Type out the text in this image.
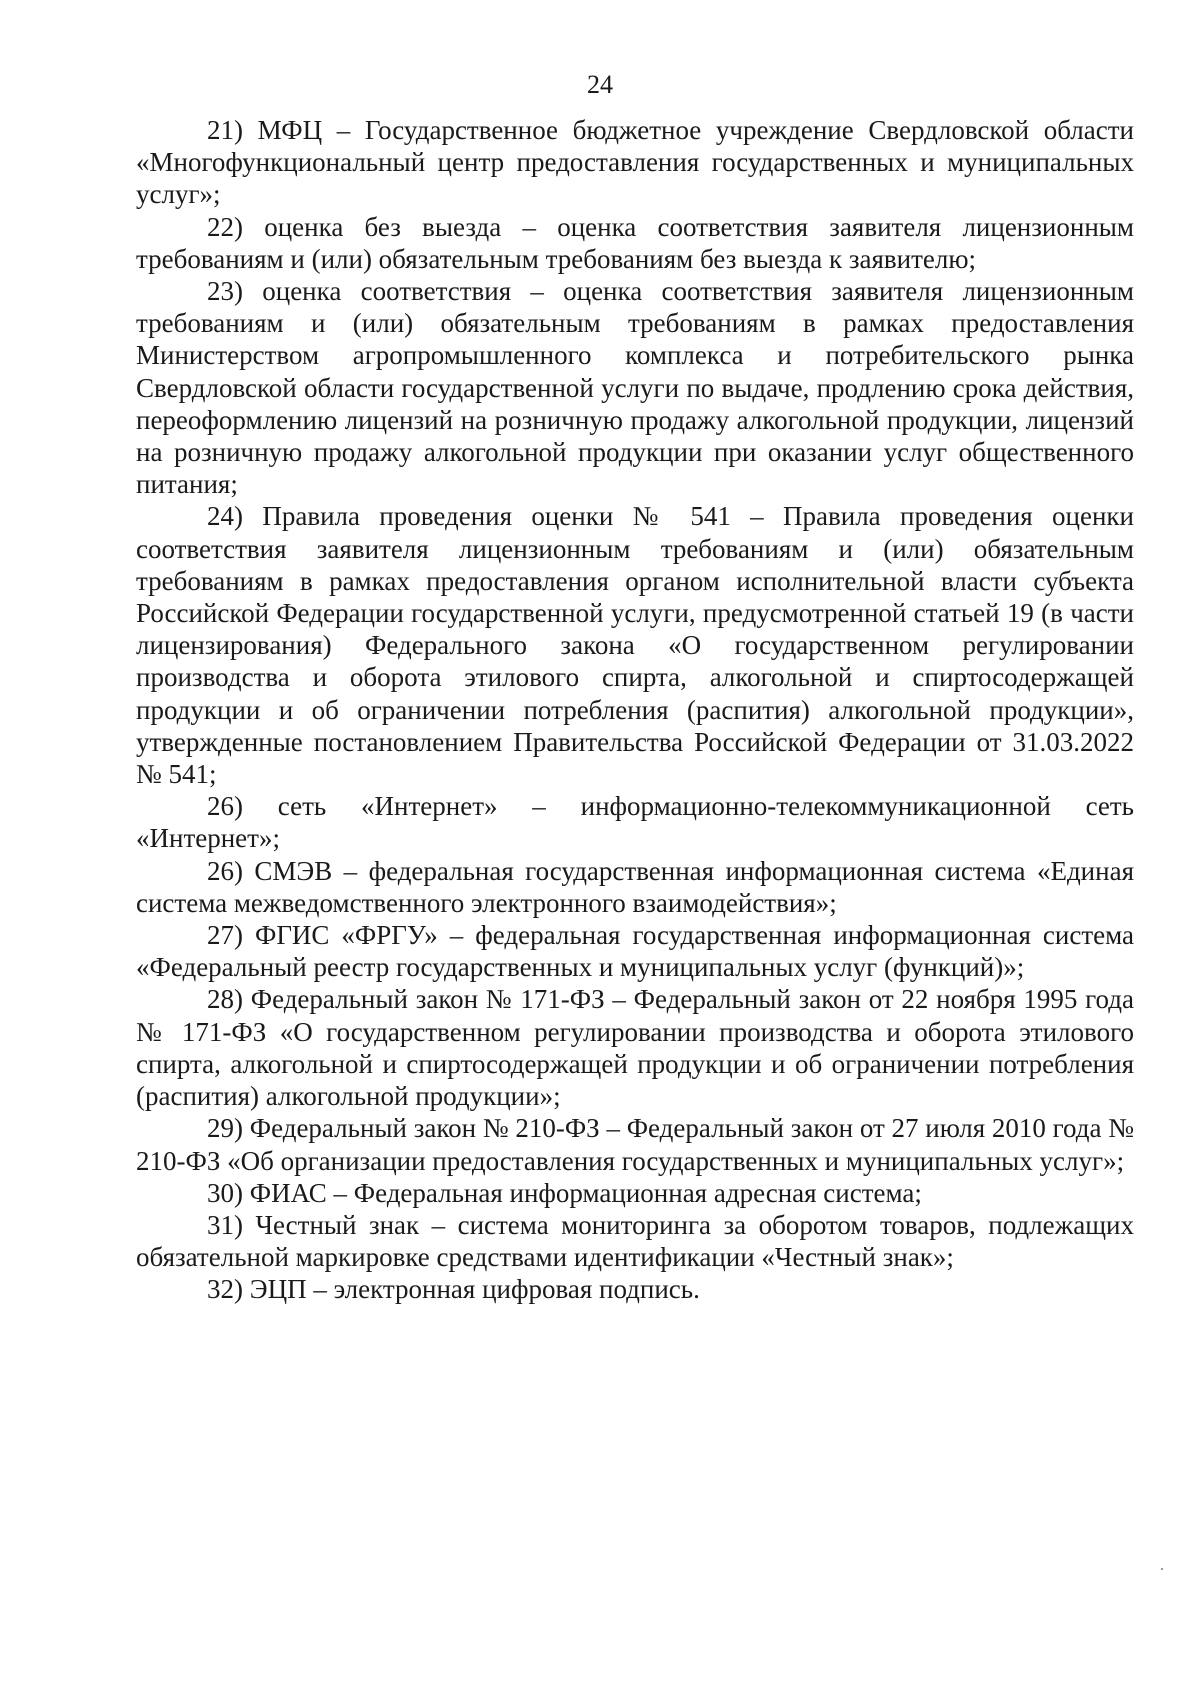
24

21) МФЦ – Государственное бюджетное учреждение Свердловской области «Многофункциональный центр предоставления государственных и муниципальных услуг»;

22) оценка без выезда – оценка соответствия заявителя лицензионным требованиям и (или) обязательным требованиям без выезда к заявителю;

23) оценка соответствия – оценка соответствия заявителя лицензионным требованиям и (или) обязательным требованиям в рамках предоставления Министерством агропромышленного комплекса и потребительского рынка Свердловской области государственной услуги по выдаче, продлению срока действия, переоформлению лицензий на розничную продажу алкогольной продукции, лицензий на розничную продажу алкогольной продукции при оказании услуг общественного питания;

24) Правила проведения оценки № 541 – Правила проведения оценки соответствия заявителя лицензионным требованиям и (или) обязательным требованиям в рамках предоставления органом исполнительной власти субъекта Российской Федерации государственной услуги, предусмотренной статьей 19 (в части лицензирования) Федерального закона «О государственном регулировании производства и оборота этилового спирта, алкогольной и спиртосодержащей продукции и об ограничении потребления (распития) алкогольной продукции», утвержденные постановлением Правительства Российской Федерации от 31.03.2022 № 541;

26) сеть «Интернет» – информационно-телекоммуникационной сеть «Интернет»;

26) СМЭВ – федеральная государственная информационная система «Единая система межведомственного электронного взаимодействия»;

27) ФГИС «ФРГУ» – федеральная государственная информационная система «Федеральный реестр государственных и муниципальных услуг (функций)»;

28) Федеральный закон № 171-ФЗ – Федеральный закон от 22 ноября 1995 года № 171-ФЗ «О государственном регулировании производства и оборота этилового спирта, алкогольной и спиртосодержащей продукции и об ограничении потребления (распития) алкогольной продукции»;

29) Федеральный закон № 210-ФЗ – Федеральный закон от 27 июля 2010 года № 210-ФЗ «Об организации предоставления государственных и муниципальных услуг»;

30) ФИАС – Федеральная информационная адресная система;

31) Честный знак – система мониторинга за оборотом товаров, подлежащих обязательной маркировке средствами идентификации «Честный знак»;

32) ЭЦП – электронная цифровая подпись.
